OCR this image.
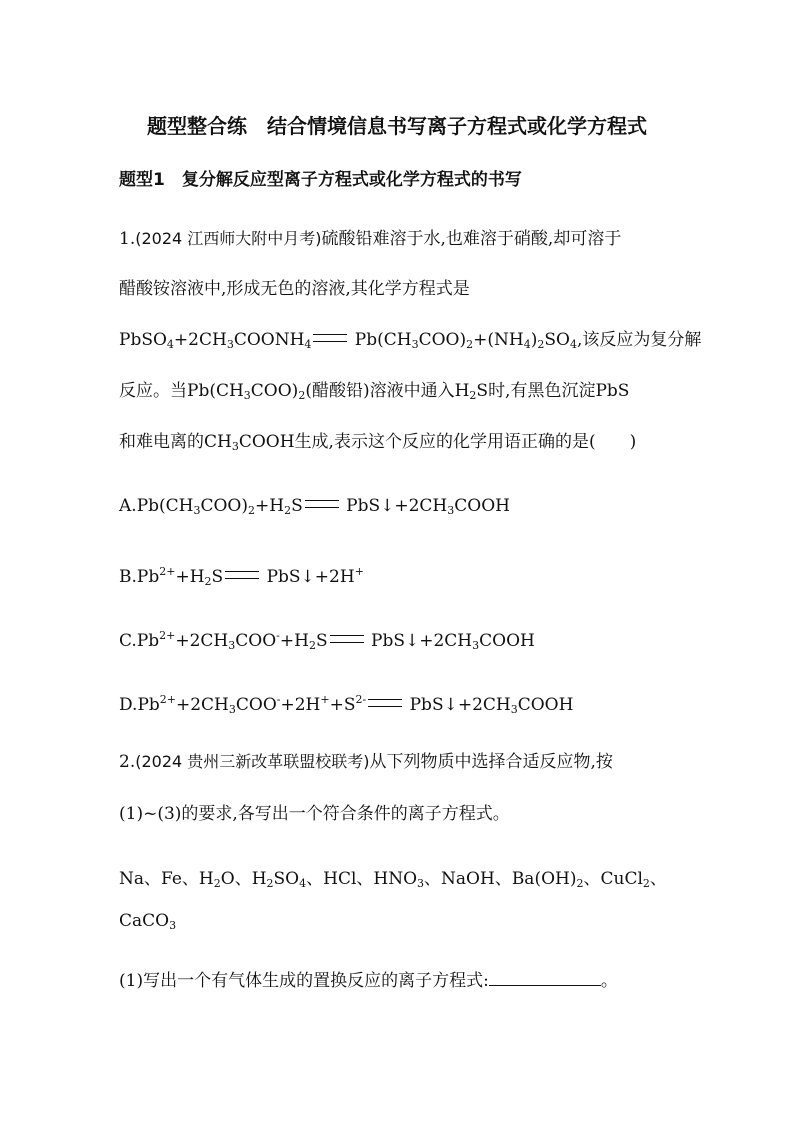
题型整合练　结合情境信息书写离子方程式或化学方程式
题型1　复分解反应型离子方程式或化学方程式的书写
1.(2024 江西师大附中月考)硫酸铅难溶于水,也难溶于硝酸,却可溶于
醋酸铵溶液中,形成无色的溶液,其化学方程式是
$PbSO_4+2CH_3COONH_4$ $Pb(CH_3COO)_2+(NH_4)_2SO_4$,该反应为复分解
反应。当$Pb(CH_3COO)_2$(醋酸铅)溶液中通入$H_2S$时,有黑色沉淀PbS
和难电离的$CH_3COOH$生成,表示这个反应的化学用语正确的是(　　)
$A.Pb(CH_3COO)_2+H_2S$ $PbS↓+2CH_3COOH$
$B.Pb^{2+}+H_2S$ PbS↓+2H+
$C.Pb^{2+}+2CH_3COO^-+H_2S$ $PbS↓+2CH_3COOH$
$D.Pb^{2+}+2CH_3COO^-+2H^++S^{2-}$ $PbS↓+2CH_3COOH$
2.(2024 贵州三新改革联盟校联考)从下列物质中选择合适反应物,按
(1)~(3)的要求,各写出一个符合条件的离子方程式。
Na、Fe、$H_2O$、$H_2SO_4$、HCl、$HNO_3$、NaOH、$Ba(OH)_2$、CuCl$_2$、
CaCO$_3$
(1)写出一个有气体生成的置换反应的离子方程式:	。
